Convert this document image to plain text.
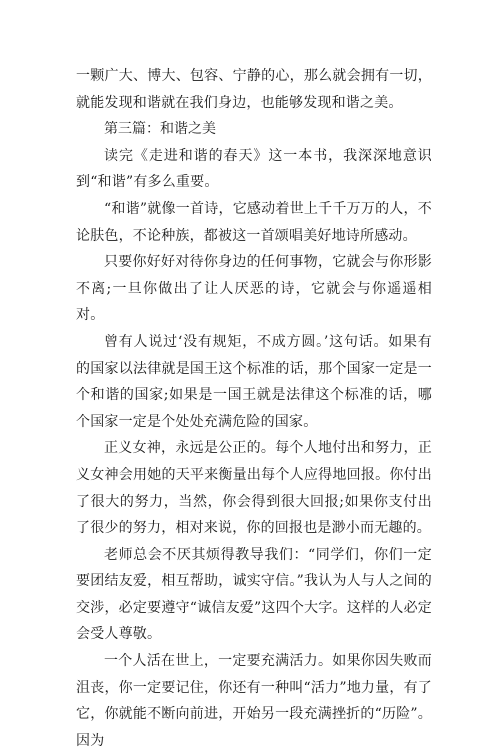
一颗广大、博大、包容、宁静的心，那么就会拥有一切，就能发现和谐就在我们身边，也能够发现和谐之美。

第三篇：和谐之美

读完《走进和谐的春天》这一本书，我深深地意识到“和谐”有多么重要。

“和谐”就像一首诗，它感动着世上千千万万的人，不论肤色，不论种族，都被这一首颂唱美好地诗所感动。

只要你好好对待你身边的任何事物，它就会与你形影不离;一旦你做出了让人厌恶的诗，它就会与你遥遥相对。

曾有人说过‘没有规矩，不成方圆。’这句话。如果有的国家以法律就是国王这个标准的话，那个国家一定是一个和谐的国家;如果是一国王就是法律这个标准的话，哪个国家一定是个处处充满危险的国家。

正义女神，永远是公正的。每个人地付出和努力，正义女神会用她的天平来衡量出每个人应得地回报。你付出了很大的努力，当然，你会得到很大回报;如果你支付出了很少的努力，相对来说，你的回报也是渺小而无趣的。

老师总会不厌其烦得教导我们：“同学们，你们一定要团结友爱，相互帮助，诚实守信。”我认为人与人之间的交涉，必定要遵守“诚信友爱”这四个大字。这样的人必定会受人尊敬。

一个人活在世上，一定要充满活力。如果你因失败而沮丧，你一定要记住，你还有一种叫“活力”地力量，有了它，你就能不断向前进，开始另一段充满挫折的“历险”。因为
